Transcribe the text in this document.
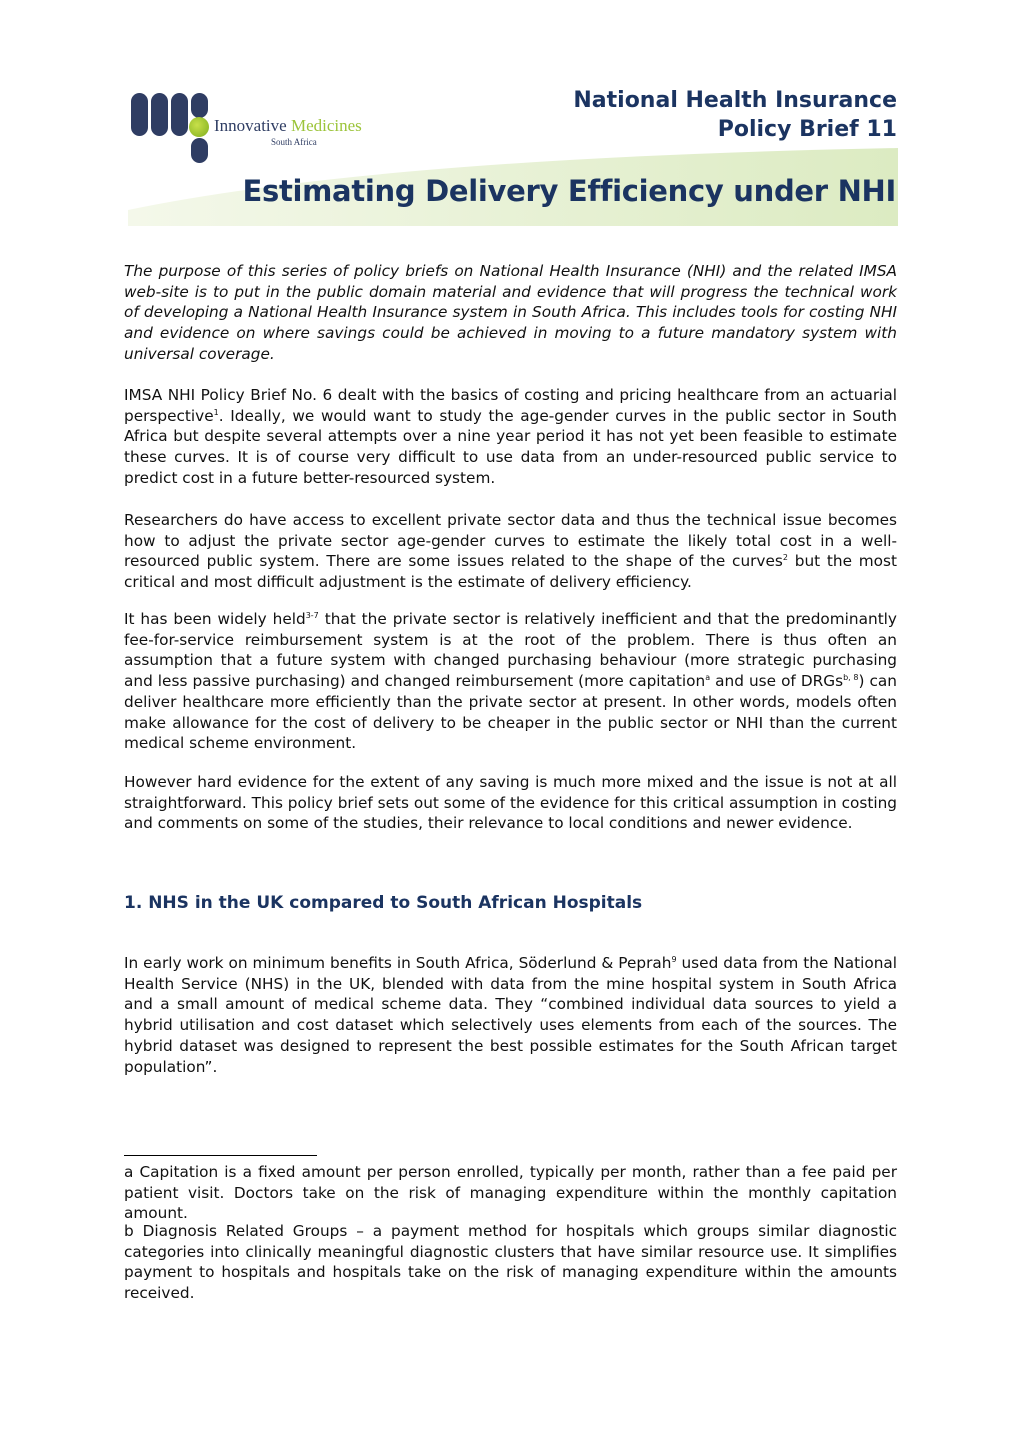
Innovative Medicines
South Africa
National Health Insurance
Policy Brief 11
Estimating Delivery Efficiency under NHI

The purpose of this series of policy briefs on National Health Insurance (NHI) and the related IMSA web-site is to put in the public domain material and evidence that will progress the technical work of developing a National Health Insurance system in South Africa. This includes tools for costing NHI and evidence on where savings could be achieved in moving to a future mandatory system with universal coverage.

IMSA NHI Policy Brief No. 6 dealt with the basics of costing and pricing healthcare from an actuarial perspective$^1$. Ideally, we would want to study the age-gender curves in the public sector in South Africa but despite several attempts over a nine year period it has not yet been feasible to estimate these curves. It is of course very difficult to use data from an under-resourced public service to predict cost in a future better-resourced system.

Researchers do have access to excellent private sector data and thus the technical issue becomes how to adjust the private sector age-gender curves to estimate the likely total cost in a well-resourced public system. There are some issues related to the shape of the curves$^2$ but the most critical and most difficult adjustment is the estimate of delivery efficiency.

It has been widely held$^{3-7}$ that the private sector is relatively inefficient and that the predominantly fee-for-service reimbursement system is at the root of the problem. There is thus often an assumption that a future system with changed purchasing behaviour (more strategic purchasing and less passive purchasing) and changed reimbursement (more capitation$^a$ and use of DRGs$^{b, 8}$) can deliver healthcare more efficiently than the private sector at present. In other words, models often make allowance for the cost of delivery to be cheaper in the public sector or NHI than the current medical scheme environment.

However hard evidence for the extent of any saving is much more mixed and the issue is not at all straightforward. This policy brief sets out some of the evidence for this critical assumption in costing and comments on some of the studies, their relevance to local conditions and newer evidence.

1. NHS in the UK compared to South African Hospitals

In early work on minimum benefits in South Africa, Söderlund & Peprah$^9$ used data from the National Health Service (NHS) in the UK, blended with data from the mine hospital system in South Africa and a small amount of medical scheme data. They “combined individual data sources to yield a hybrid utilisation and cost dataset which selectively uses elements from each of the sources. The hybrid dataset was designed to represent the best possible estimates for the South African target population”.

a Capitation is a fixed amount per person enrolled, typically per month, rather than a fee paid per patient visit. Doctors take on the risk of managing expenditure within the monthly capitation amount.

b Diagnosis Related Groups – a payment method for hospitals which groups similar diagnostic categories into clinically meaningful diagnostic clusters that have similar resource use. It simplifies payment to hospitals and hospitals take on the risk of managing expenditure within the amounts received.
